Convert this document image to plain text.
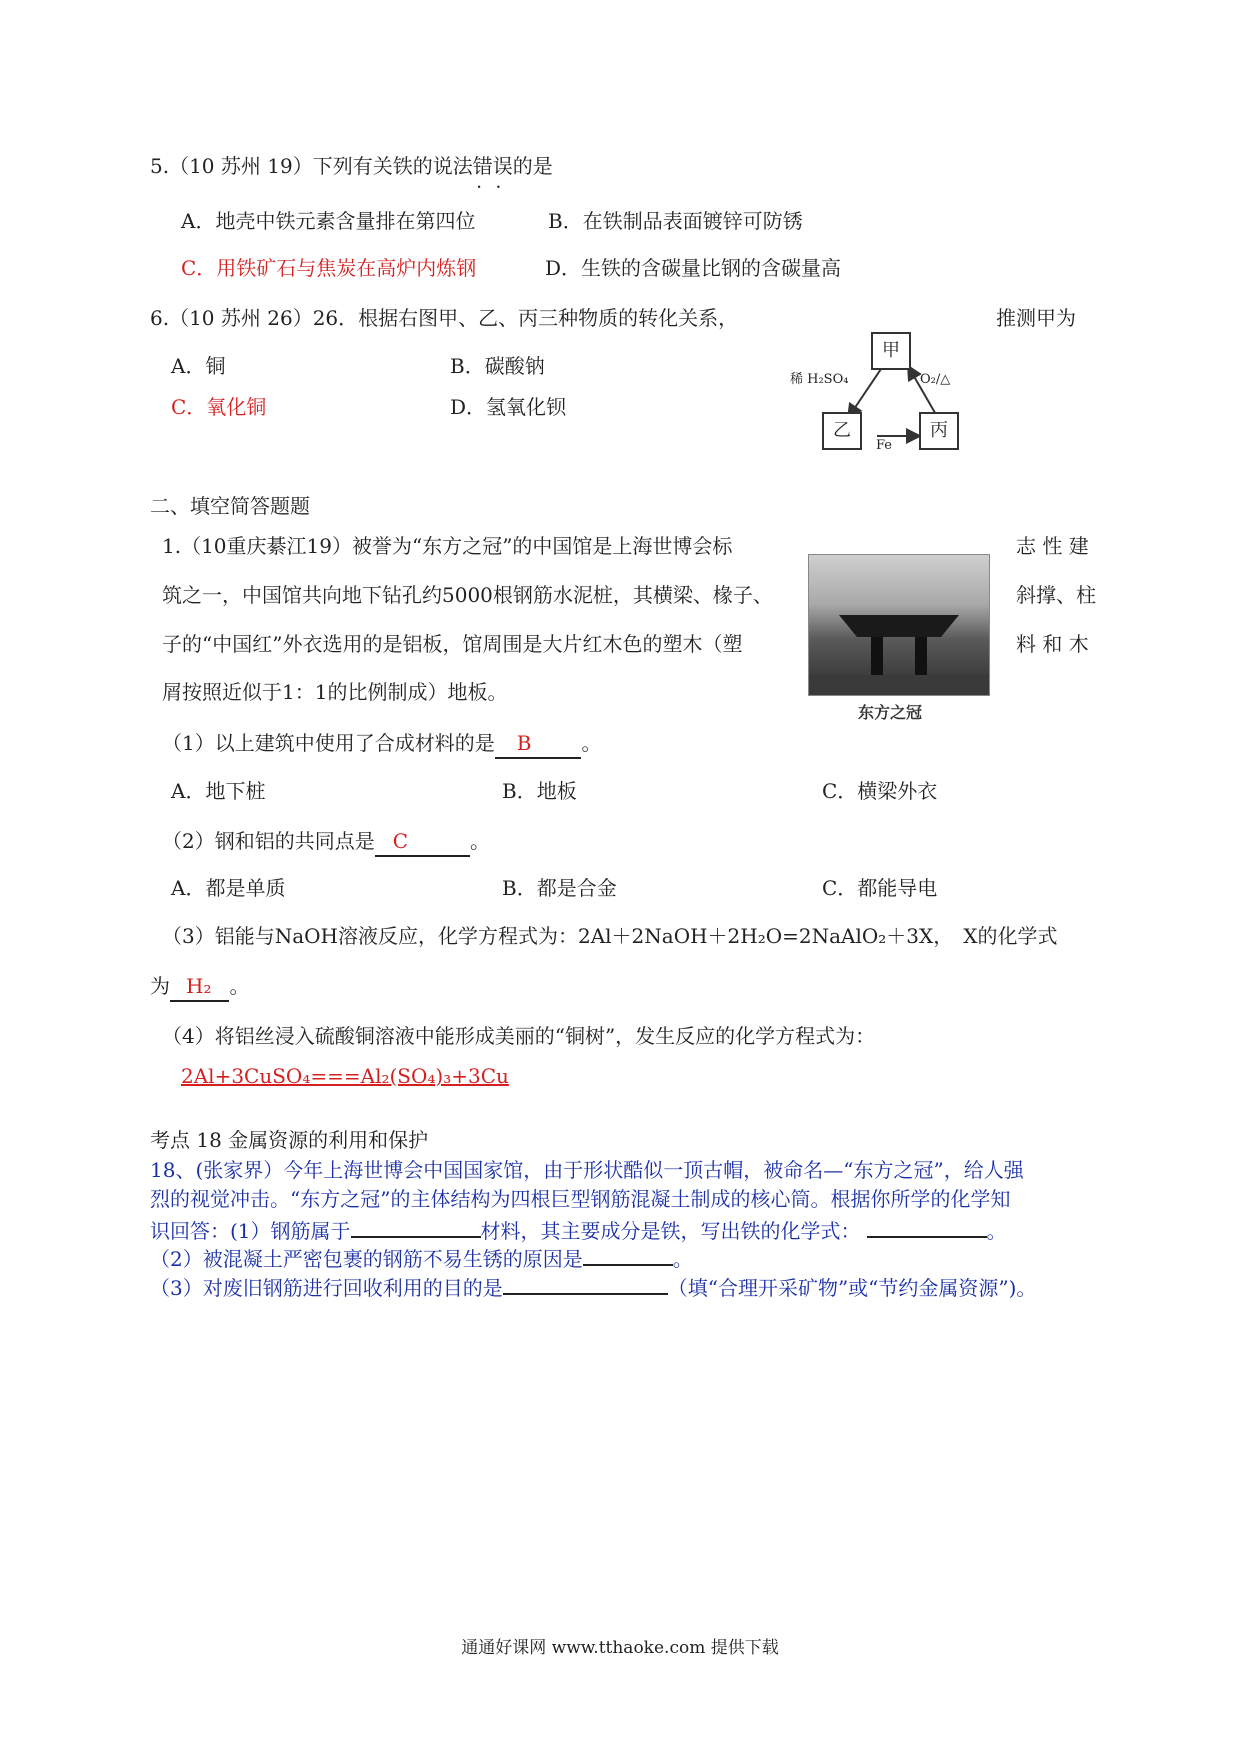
5.（10 苏州 19）下列有关铁的说法错误 • •的是
A．地壳中铁元素含量排在第四位	B．在铁制品表面镀锌可防锈
C．用铁矿石与焦炭在高炉内炼钢	D．生铁的含碳量比钢的含碳量高
6.（10 苏州 26）26．根据右图甲、乙、丙三种物质的转化关系，	推测甲为
A．铜	B．碳酸钠
C．氧化铜	D．氢氧化钡
甲
乙	丙
稀 H₂SO₄	O₂/△
Fe
二、填空简答题题
1.（10重庆綦江19）被誉为“东方之冠”的中国馆是上海世博会标	志 性 建
筑之一，中国馆共向地下钻孔约5000根钢筋水泥桩，其横梁、椽子、	斜撑、柱
子的“中国红”外衣选用的是铝板，馆周围是大片红木色的塑木（塑	料 和 木
屑按照近似于1：1的比例制成）地板。
东方之冠
（1）以上建筑中使用了合成材料的是 B	。
A．地下桩	B．地板	C．横梁外衣
（2）钢和铝的共同点是 C	。
A．都是单质	B．都是合金	C．都能导电
（3）铝能与NaOH溶液反应，化学方程式为：2Al＋2NaOH＋2H₂O=2NaAlO₂＋3X，　X的化学式
为 H₂ 。
（4）将铝丝浸入硫酸铜溶液中能形成美丽的“铜树”，发生反应的化学方程式为：
2Al+3CuSO₄===Al₂(SO₄)₃+3Cu
考点 18 金属资源的利用和保护
18、(张家界）今年上海世博会中国国家馆，由于形状酷似一顶古帽，被命名—“东方之冠”，给人强
烈的视觉冲击。“东方之冠”的主体结构为四根巨型钢筋混凝土制成的核心筒。根据你所学的化学知
识回答：(1）钢筋属于	材料，其主要成分是铁，写出铁的化学式：	。
（2）被混凝土严密包裹的钢筋不易生锈的原因是	。
（3）对废旧钢筋进行回收利用的目的是	（填“合理开采矿物”或“节约金属资源”)。
通通好课网 www.tthaoke.com 提供下载
